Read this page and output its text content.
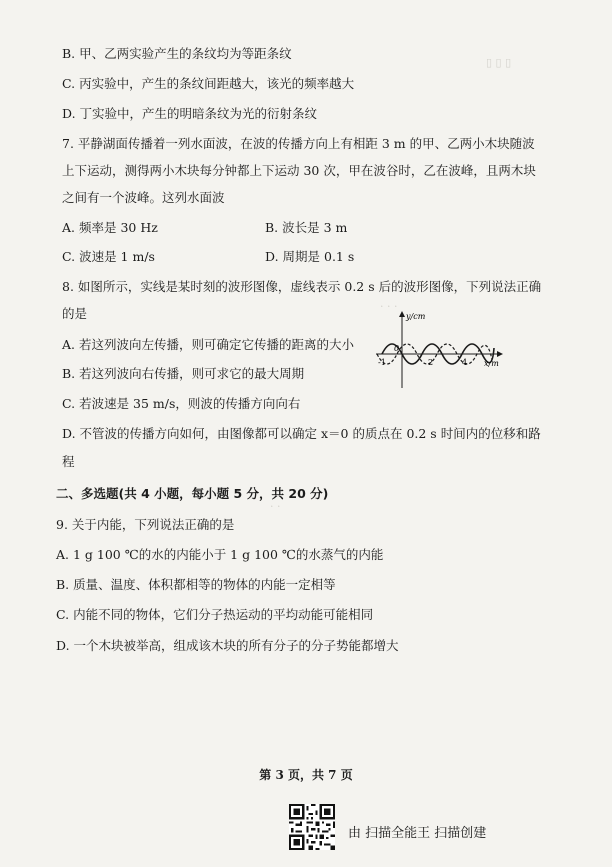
▯ ▯ ▯
· · ·
· ·
B. 甲、乙两实验产生的条纹均为等距条纹
C. 丙实验中，产生的条纹间距越大，该光的频率越大
D. 丁实验中，产生的明暗条纹为光的衍射条纹
7. 平静湖面传播着一列水面波，在波的传播方向上有相距 3 m 的甲、乙两小木块随波
上下运动，测得两小木块每分钟都上下运动 30 次，甲在波谷时，乙在波峰，且两木块
之间有一个波峰。这列水面波
A. 频率是 30 Hz	B. 波长是 3 m
C. 波速是 1 m/s	D. 周期是 0.1 s
8. 如图所示，实线是某时刻的波形图像，虚线表示 0.2 s 后的波形图像，下列说法正确
的是
A. 若这列波向左传播，则可确定它传播的距离的大小
B. 若这列波向右传播，则可求它的最大周期
C. 若波速是 35 m/s，则波的传播方向向右
D. 不管波的传播方向如何，由图像都可以确定 x＝0 的质点在 0.2 s 时间内的位移和路
程
y/cm
x/m
-1
0
2	4
二、多选题(共 4 小题，每小题 5 分，共 20 分)
9. 关于内能，下列说法正确的是
A. 1 g 100 ℃的水的内能小于 1 g 100 ℃的水蒸气的内能
B. 质量、温度、体积都相等的物体的内能一定相等
C. 内能不同的物体，它们分子热运动的平均动能可能相同
D. 一个木块被举高，组成该木块的所有分子的分子势能都增大
第 3 页，共 7 页
由 扫描全能王 扫描创建
